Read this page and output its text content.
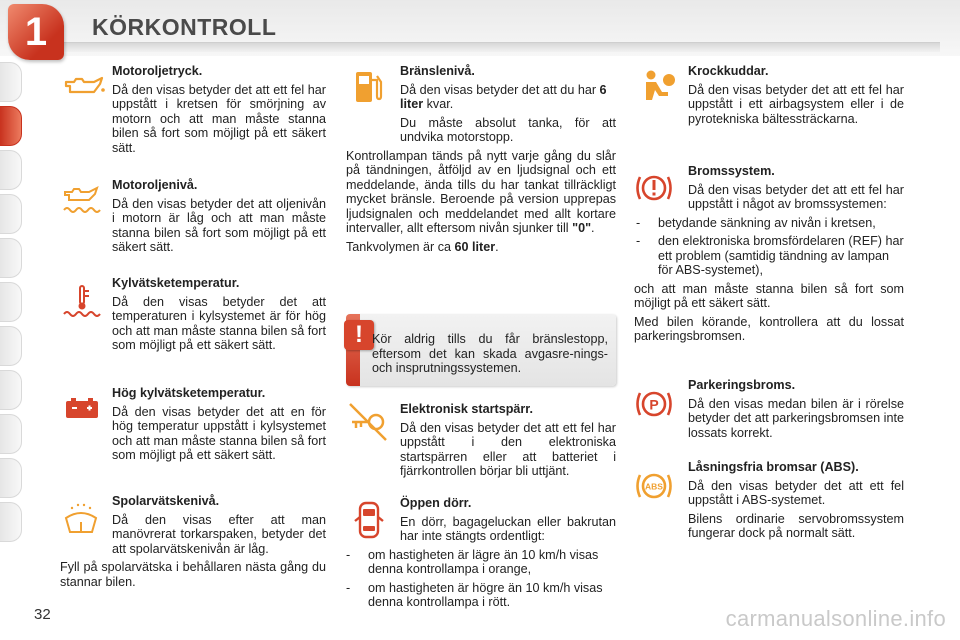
1	KÖRKONTROLL
Motoroljetryck.

Då den visas betyder det att ett fel har uppstått i kretsen för smörjning av motorn och att man måste stanna bilen så fort som möjligt på ett säkert sätt.

Motoroljenivå.

Då den visas betyder det att oljenivån i motorn är låg och att man måste stanna bilen så fort som möjligt på ett säkert sätt.

Kylvätsketemperatur.

Då den visas betyder det att temperaturen i kylsystemet är för hög och att man måste stanna bilen så fort som möjligt på ett säkert sätt.

Hög kylvätsketemperatur.

Då den visas betyder det att en för hög temperatur uppstått i kylsystemet och att man måste stanna bilen så fort som möjligt på ett säkert sätt.

Spolarvätskenivå.

Då den visas efter att man manövrerat torkarspaken, betyder det att spolarvätskenivån är låg.

Fyll på spolarvätska i behållaren nästa gång du stannar bilen.

Bränslenivå.

Då den visas betyder det att du har 6 liter kvar.

Du måste absolut tanka, för att undvika motorstopp.

Kontrollampan tänds på nytt varje gång du slår på tändningen, åtföljd av en ljudsignal och ett meddelande, ända tills du har tankat tillräckligt mycket bränsle. Beroende på version upprepas ljudsignalen och meddelandet med allt kortare intervaller, allt eftersom nivån sjunker till "0".

Tankvolymen är ca 60 liter.

! Kör aldrig tills du får bränslestopp, eftersom det kan skada avgasre-nings- och insprutningssystemen.
Elektronisk startspärr.

Då den visas betyder det att ett fel har uppstått i den elektroniska startspärren eller att batteriet i fjärrkontrollen börjar bli uttjänt.

Öppen dörr.

En dörr, bagageluckan eller bakrutan har inte stängts ordentligt:

- om hastigheten är lägre än 10 km/h visas denna kontrollampa i orange,
- om hastigheten är högre än 10 km/h visas denna kontrollampa i rött.
Krockkuddar.

Då den visas betyder det att ett fel har uppstått i ett airbagsystem eller i de pyrotekniska bältessträckarna.

Bromssystem.

Då den visas betyder det att ett fel har uppstått i något av bromssystemen:

- betydande sänkning av nivån i kretsen,
- den elektroniska bromsfördelaren (REF) har ett problem (samtidig tändning av lampan för ABS-systemet),

och att man måste stanna bilen så fort som möjligt på ett säkert sätt.

Med bilen körande, kontrollera att du lossat parkeringsbromsen.

P
Parkeringsbroms.

Då den visas medan bilen är i rörelse betyder det att parkeringsbromsen inte lossats korrekt.

ABS
Låsningsfria bromsar (ABS).

Då den visas betyder det att ett fel uppstått i ABS-systemet.

Bilens ordinarie servobromssystem fungerar dock på normalt sätt.

32	carmanualsonline.info
